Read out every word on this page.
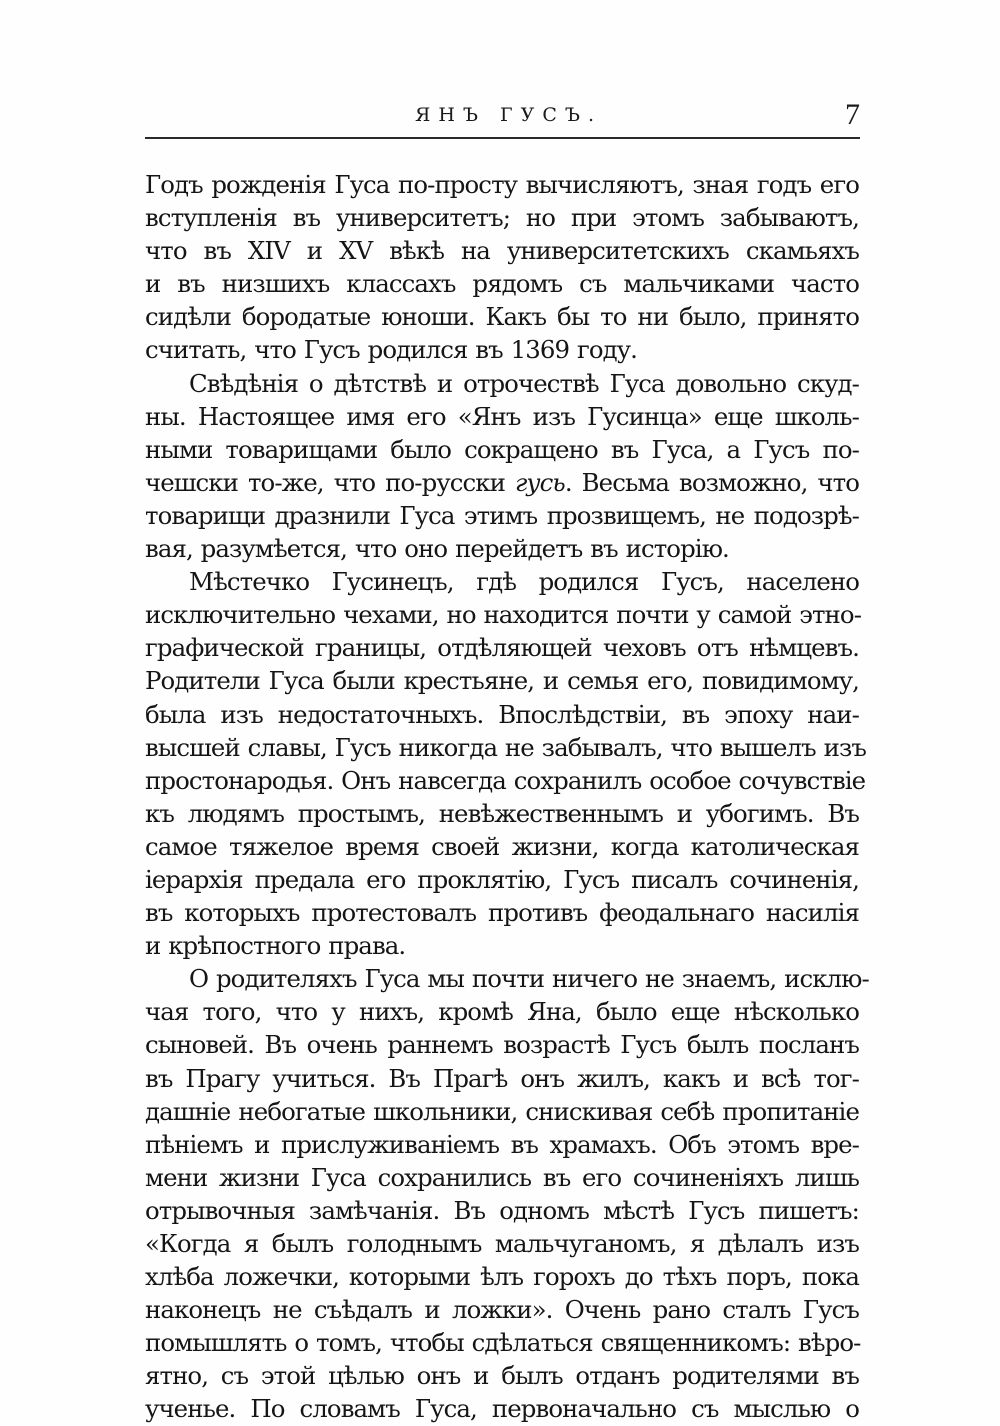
ЯНЪ ГУСЪ.	7
Годъ рожденія Гуса по-просту вычисляютъ, зная годъ его
вступленія въ университетъ; но при этомъ забываютъ,
что въ XIV и XV вѣкѣ на университетскихъ скамьяхъ
и въ низшихъ классахъ рядомъ съ мальчиками часто
сидѣли бородатые юноши. Какъ бы то ни было, принято
считать, что Гусъ родился въ 1369 году.
Свѣдѣнія о дѣтствѣ и отрочествѣ Гуса довольно скуд-
ны. Настоящее имя его «Янъ изъ Гусинца» еще школь-
ными товарищами было сокращено въ Гуса, а Гусъ по-
чешски то-же, что по-русски гусь. Весьма возможно, что
товарищи дразнили Гуса этимъ прозвищемъ, не подозрѣ-
вая, разумѣется, что оно перейдетъ въ исторію.
Мѣстечко Гусинецъ, гдѣ родился Гусъ, населено
исключительно чехами, но находится почти у самой этно-
графической границы, отдѣляющей чеховъ отъ нѣмцевъ.
Родители Гуса были крестьяне, и семья его, повидимому,
была изъ недостаточныхъ. Впослѣдствіи, въ эпоху наи-
высшей славы, Гусъ никогда не забывалъ, что вышелъ изъ
простонародья. Онъ навсегда сохранилъ особое сочувствіе
къ людямъ простымъ, невѣжественнымъ и убогимъ. Въ
самое тяжелое время своей жизни, когда католическая
іерархія предала его проклятію, Гусъ писалъ сочиненія,
въ которыхъ протестовалъ противъ феодальнаго насилія
и крѣпостного права.
О родителяхъ Гуса мы почти ничего не знаемъ, исклю-
чая того, что у нихъ, кромѣ Яна, было еще нѣсколько
сыновей. Въ очень раннемъ возрастѣ Гусъ былъ посланъ
въ Прагу учиться. Въ Прагѣ онъ жилъ, какъ и всѣ тог-
дашніе небогатые школьники, снискивая себѣ пропитаніе
пѣніемъ и прислуживаніемъ въ храмахъ. Объ этомъ вре-
мени жизни Гуса сохранились въ его сочиненіяхъ лишь
отрывочныя замѣчанія. Въ одномъ мѣстѣ Гусъ пишетъ:
«Когда я былъ голоднымъ мальчуганомъ, я дѣлалъ изъ
хлѣба ложечки, которыми ѣлъ горохъ до тѣхъ поръ, пока
наконецъ не съѣдалъ и ложки». Очень рано сталъ Гусъ
помышлять о томъ, чтобы сдѣлаться священникомъ: вѣро-
ятно, съ этой цѣлью онъ и былъ отданъ родителями въ
ученье. По словамъ Гуса, первоначально съ мыслью о
